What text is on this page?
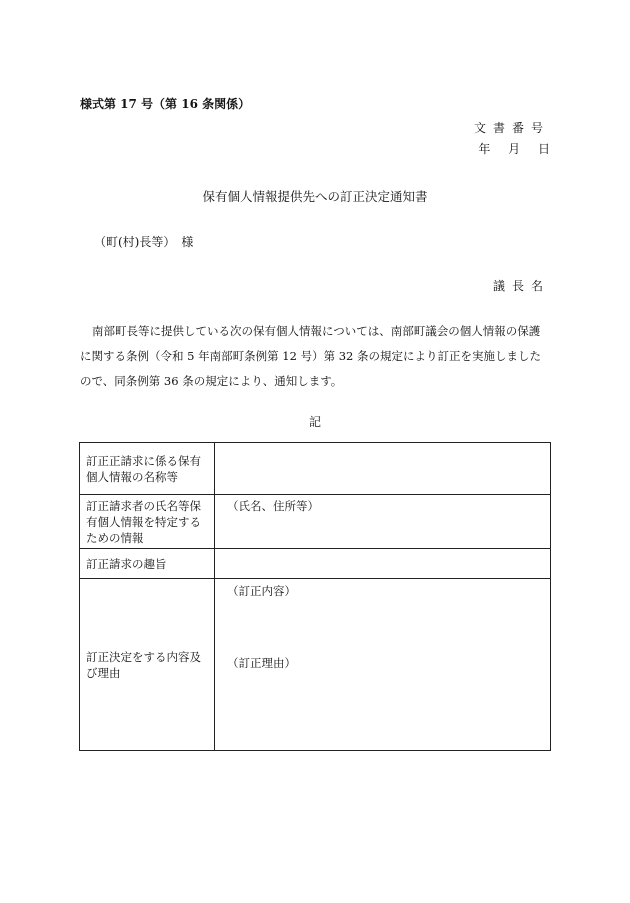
様式第 17 号（第 16 条関係）
文書番号
年 月 日
保有個人情報提供先への訂正決定通知書
（町(村)長等）　様
議長名
南部町長等に提供している次の保有個人情報については、南部町議会の個人情報の保護に関する条例（令和 5 年南部町条例第 12 号）第 32 条の規定により訂正を実施しましたので、同条例第 36 条の規定により、通知します。
記
訂正正請求に係る保有個人情報の名称等	
訂正請求者の氏名等保有個人情報を特定するための情報	（氏名、住所等）
訂正請求の趣旨	
訂正決定をする内容及び理由	（訂正内容）
（訂正理由）
